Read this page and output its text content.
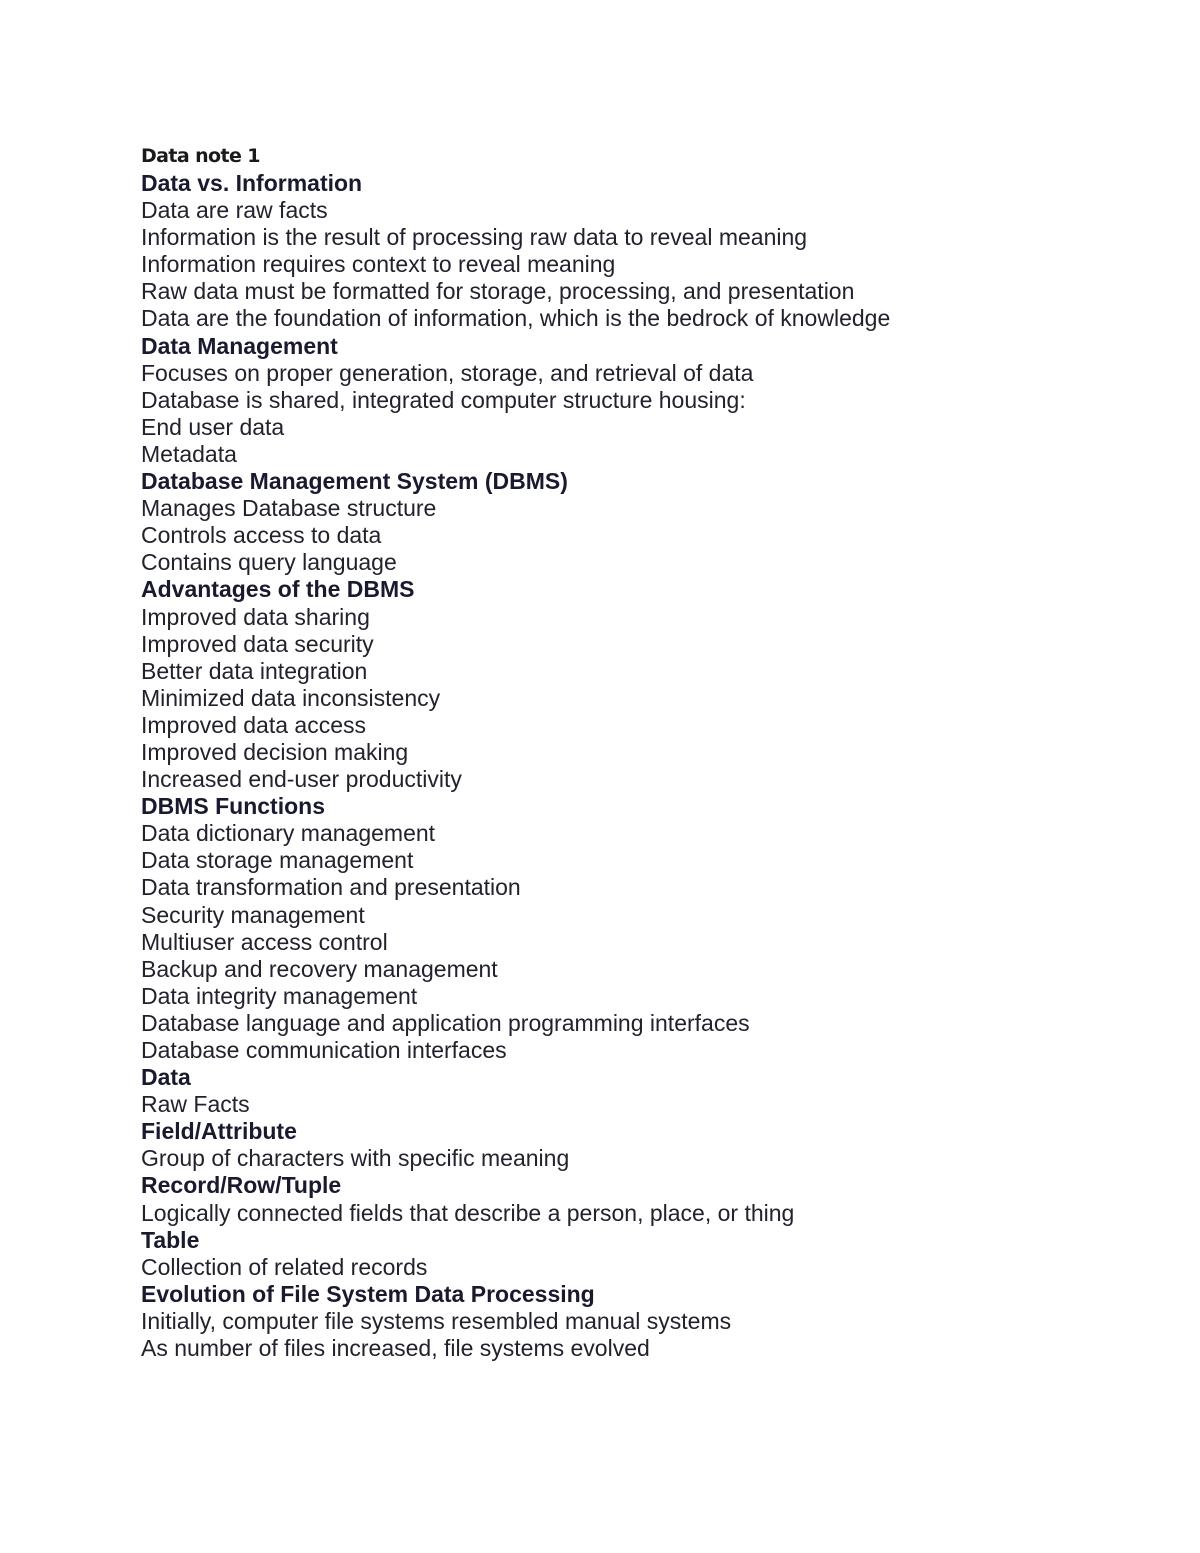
Data note 1
Data vs. Information
Data are raw facts
Information is the result of processing raw data to reveal meaning
Information requires context to reveal meaning
Raw data must be formatted for storage, processing, and presentation
Data are the foundation of information, which is the bedrock of knowledge
Data Management
Focuses on proper generation, storage, and retrieval of data
Database is shared, integrated computer structure housing:
End user data
Metadata
Database Management System (DBMS)
Manages Database structure
Controls access to data
Contains query language
Advantages of the DBMS
Improved data sharing
Improved data security
Better data integration
Minimized data inconsistency
Improved data access
Improved decision making
Increased end-user productivity
DBMS Functions
Data dictionary management
Data storage management
Data transformation and presentation
Security management
Multiuser access control
Backup and recovery management
Data integrity management
Database language and application programming interfaces
Database communication interfaces
Data
Raw Facts
Field/Attribute
Group of characters with specific meaning
Record/Row/Tuple
Logically connected fields that describe a person, place, or thing
Table
Collection of related records
Evolution of File System Data Processing
Initially, computer file systems resembled manual systems
As number of files increased, file systems evolved
